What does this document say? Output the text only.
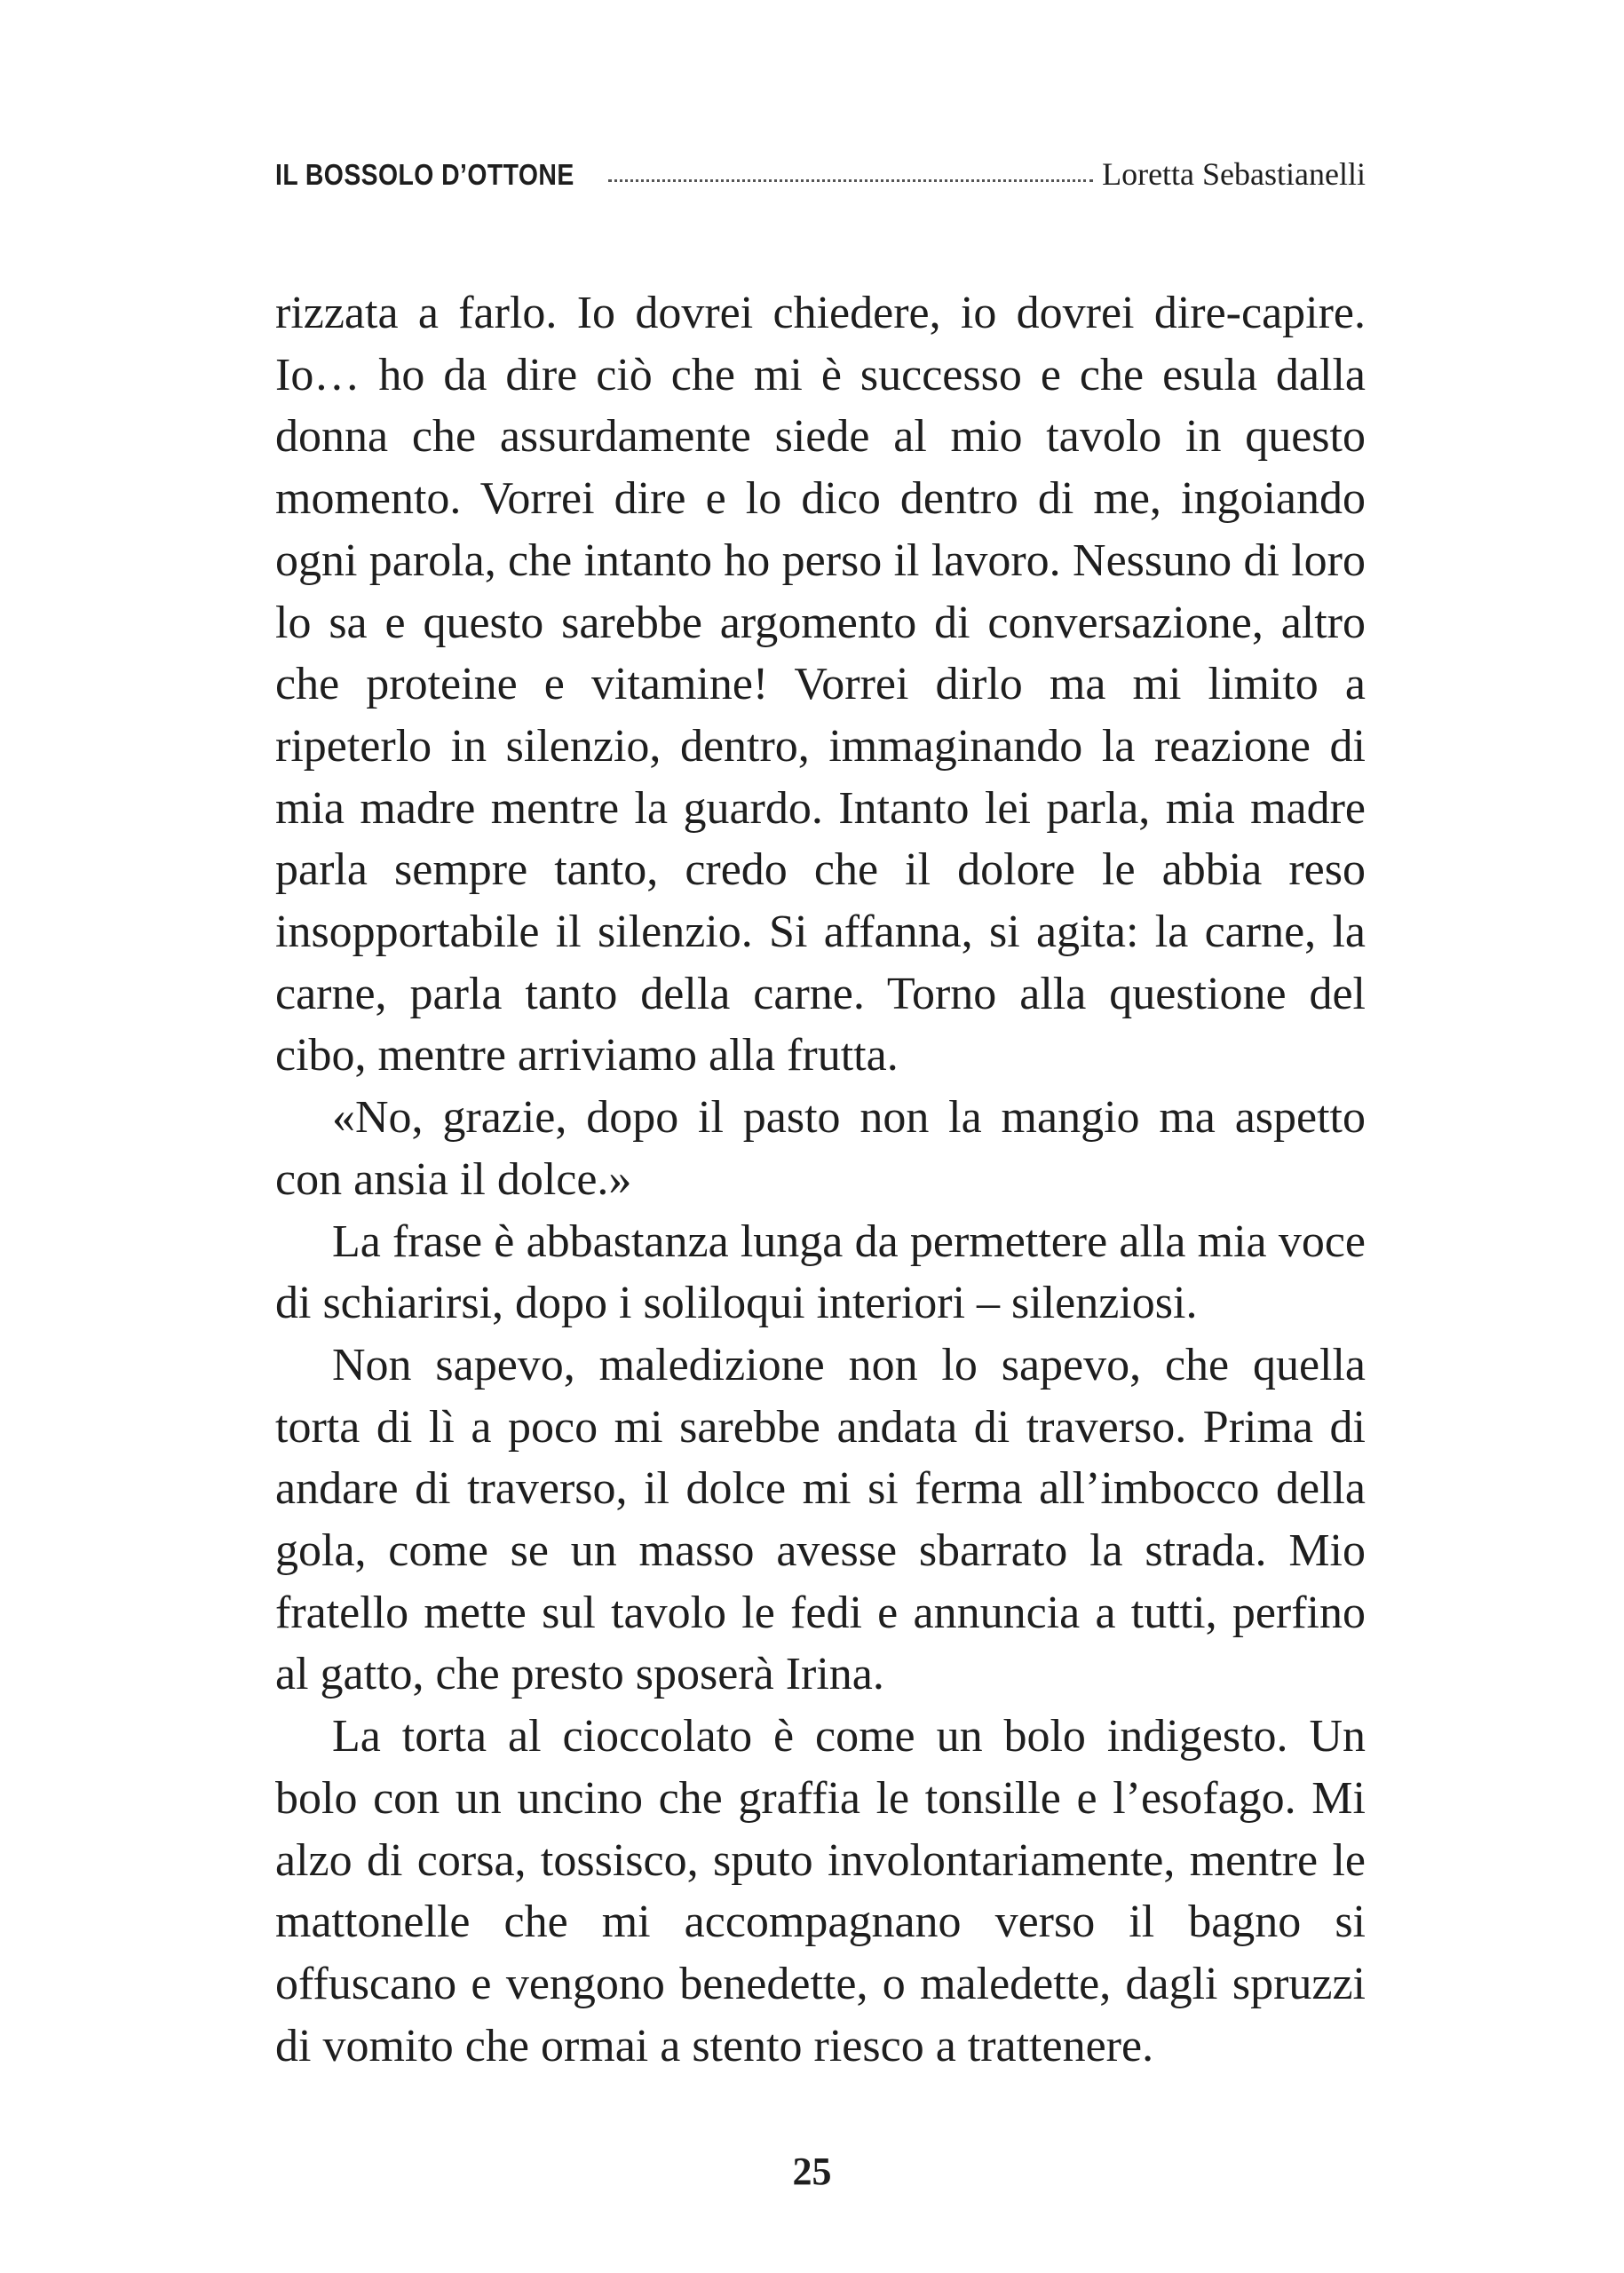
IL BOSSOLO D’OTTONE	Loretta Sebastianelli

rizzata a farlo. Io dovrei chiedere, io dovrei dire-capire. Io… ho da dire ciò che mi è successo e che esula dalla donna che assurdamente siede al mio tavolo in questo momento. Vorrei dire e lo dico dentro di me, ingoiando ogni parola, che intanto ho perso il lavoro. Nessuno di loro lo sa e questo sarebbe argomento di conversazione, altro che proteine e vitamine! Vorrei dirlo ma mi limito a ripeterlo in silenzio, dentro, immaginando la reazione di mia madre mentre la guardo. Intanto lei parla, mia madre parla sempre tanto, credo che il dolore le abbia reso insopportabile il silenzio. Si affanna, si agita: la carne, la carne, parla tanto della carne. Torno alla questione del cibo, mentre arriviamo alla frutta.

«No, grazie, dopo il pasto non la mangio ma aspetto con ansia il dolce.»

La frase è abbastanza lunga da permettere alla mia voce di schiarirsi, dopo i soliloqui interiori – silenziosi.

Non sapevo, maledizione non lo sapevo, che quella torta di lì a poco mi sarebbe andata di traverso. Prima di andare di traverso, il dolce mi si ferma all’imbocco della gola, come se un masso avesse sbarrato la strada. Mio fratello mette sul tavolo le fedi e annuncia a tutti, perfino al gatto, che presto sposerà Irina.

La torta al cioccolato è come un bolo indigesto. Un bolo con un uncino che graffia le tonsille e l’esofago. Mi alzo di corsa, tossisco, sputo involontariamente, mentre le mattonelle che mi accompagnano verso il bagno si offuscano e vengono benedette, o maledette, dagli spruzzi di vomito che ormai a stento riesco a trattenere.

25
